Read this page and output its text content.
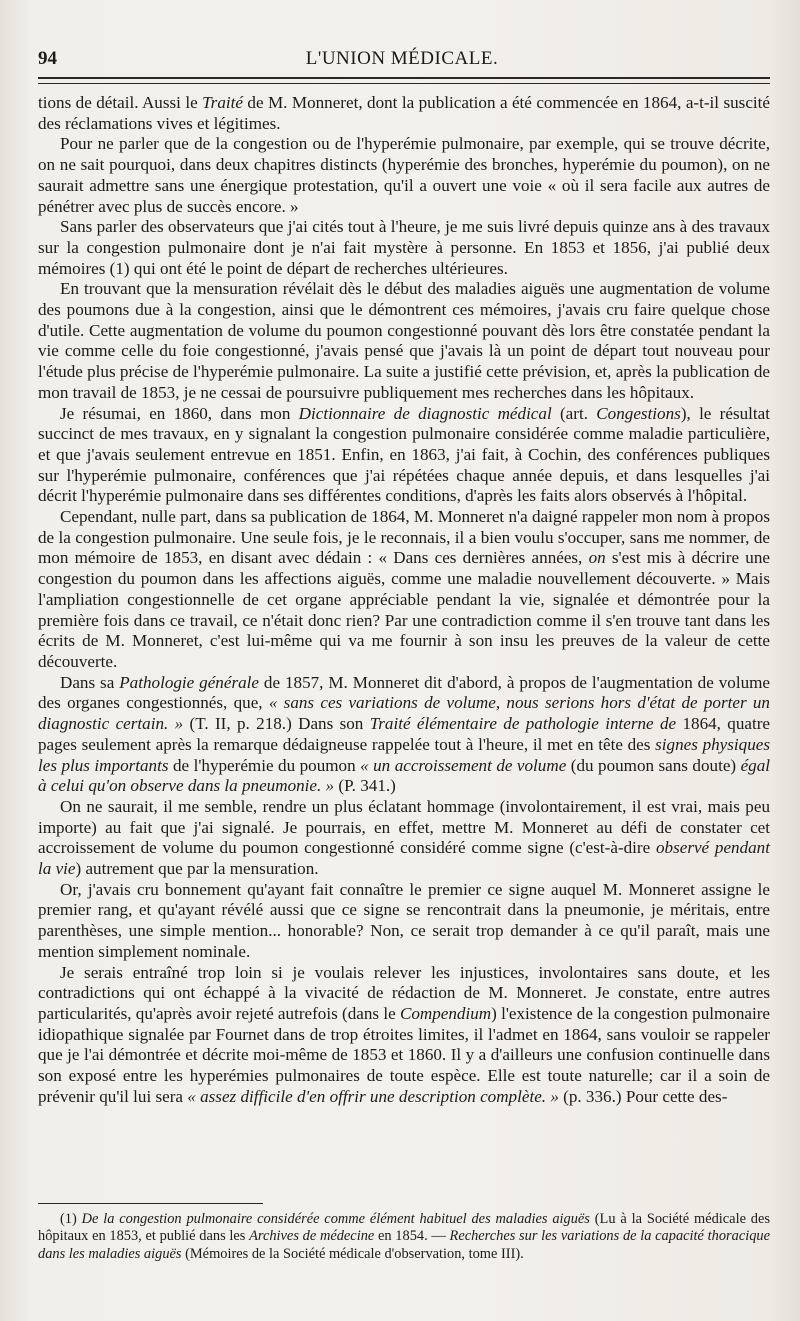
94	L'UNION MÉDICALE.

tions de détail. Aussi le Traité de M. Monneret, dont la publication a été commencée en 1864, a-t-il suscité des réclamations vives et légitimes.

Pour ne parler que de la congestion ou de l'hyperémie pulmonaire, par exemple, qui se trouve décrite, on ne sait pourquoi, dans deux chapitres distincts (hyperémie des bronches, hyperémie du poumon), on ne saurait admettre sans une énergique protestation, qu'il a ouvert une voie « où il sera facile aux autres de pénétrer avec plus de succès encore. »

Sans parler des observateurs que j'ai cités tout à l'heure, je me suis livré depuis quinze ans à des travaux sur la congestion pulmonaire dont je n'ai fait mystère à personne. En 1853 et 1856, j'ai publié deux mémoires (1) qui ont été le point de départ de recherches ultérieures.

En trouvant que la mensuration révélait dès le début des maladies aiguës une augmentation de volume des poumons due à la congestion, ainsi que le démontrent ces mémoires, j'avais cru faire quelque chose d'utile. Cette augmentation de volume du poumon congestionné pouvant dès lors être constatée pendant la vie comme celle du foie congestionné, j'avais pensé que j'avais là un point de départ tout nouveau pour l'étude plus précise de l'hyperémie pulmonaire. La suite a justifié cette prévision, et, après la publication de mon travail de 1853, je ne cessai de poursuivre publiquement mes recherches dans les hôpitaux.

Je résumai, en 1860, dans mon Dictionnaire de diagnostic médical (art. Congestions), le résultat succinct de mes travaux, en y signalant la congestion pulmonaire considérée comme maladie particulière, et que j'avais seulement entrevue en 1851. Enfin, en 1863, j'ai fait, à Cochin, des conférences publiques sur l'hyperémie pulmonaire, conférences que j'ai répétées chaque année depuis, et dans lesquelles j'ai décrit l'hyperémie pulmonaire dans ses différentes conditions, d'après les faits alors observés à l'hôpital.

Cependant, nulle part, dans sa publication de 1864, M. Monneret n'a daigné rappeler mon nom à propos de la congestion pulmonaire. Une seule fois, je le reconnais, il a bien voulu s'occuper, sans me nommer, de mon mémoire de 1853, en disant avec dédain : « Dans ces dernières années, on s'est mis à décrire une congestion du poumon dans les affections aiguës, comme une maladie nouvellement découverte. » Mais l'ampliation congestionnelle de cet organe appréciable pendant la vie, signalée et démontrée pour la première fois dans ce travail, ce n'était donc rien? Par une contradiction comme il s'en trouve tant dans les écrits de M. Monneret, c'est lui-même qui va me fournir à son insu les preuves de la valeur de cette découverte.

Dans sa Pathologie générale de 1857, M. Monneret dit d'abord, à propos de l'augmentation de volume des organes congestionnés, que, « sans ces variations de volume, nous serions hors d'état de porter un diagnostic certain. » (T. II, p. 218.) Dans son Traité élémentaire de pathologie interne de 1864, quatre pages seulement après la remarque dédaigneuse rappelée tout à l'heure, il met en tête des signes physiques les plus importants de l'hyperémie du poumon « un accroissement de volume (du poumon sans doute) égal à celui qu'on observe dans la pneumonie. » (P. 341.)

On ne saurait, il me semble, rendre un plus éclatant hommage (involontairement, il est vrai, mais peu importe) au fait que j'ai signalé. Je pourrais, en effet, mettre M. Monneret au défi de constater cet accroissement de volume du poumon congestionné considéré comme signe (c'est-à-dire observé pendant la vie) autrement que par la mensuration.

Or, j'avais cru bonnement qu'ayant fait connaître le premier ce signe auquel M. Monneret assigne le premier rang, et qu'ayant révélé aussi que ce signe se rencontrait dans la pneumonie, je méritais, entre parenthèses, une simple mention... honorable? Non, ce serait trop demander à ce qu'il paraît, mais une mention simplement nominale.

Je serais entraîné trop loin si je voulais relever les injustices, involontaires sans doute, et les contradictions qui ont échappé à la vivacité de rédaction de M. Monneret. Je constate, entre autres particularités, qu'après avoir rejeté autrefois (dans le Compendium) l'existence de la congestion pulmonaire idiopathique signalée par Fournet dans de trop étroites limites, il l'admet en 1864, sans vouloir se rappeler que je l'ai démontrée et décrite moi-même de 1853 et 1860. Il y a d'ailleurs une confusion continuelle dans son exposé entre les hyperémies pulmonaires de toute espèce. Elle est toute naturelle; car il a soin de prévenir qu'il lui sera « assez difficile d'en offrir une description complète. » (p. 336.) Pour cette des-

(1) De la congestion pulmonaire considérée comme élément habituel des maladies aiguës (Lu à la Société médicale des hôpitaux en 1853, et publié dans les Archives de médecine en 1854. — Recherches sur les variations de la capacité thoracique dans les maladies aiguës (Mémoires de la Société médicale d'observation, tome III).
